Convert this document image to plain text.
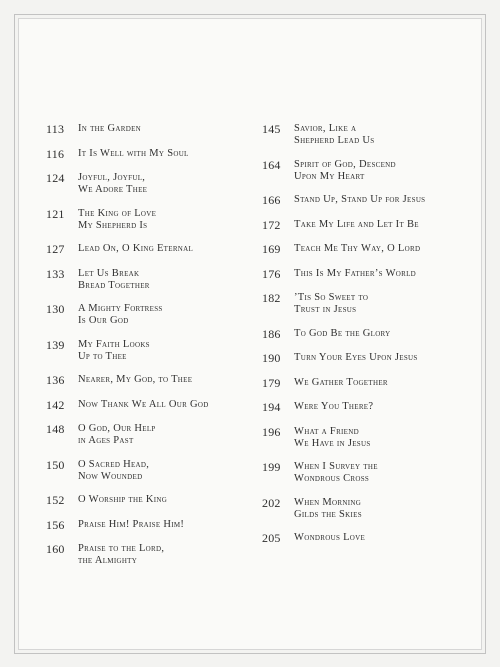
113	In the Garden
116	It Is Well with My Soul
124	Joyful, Joyful,
We Adore Thee
121	The King of Love
My Shepherd Is
127	Lead On, O King Eternal
133	Let Us Break
Bread Together
130	A Mighty Fortress
Is Our God
139	My Faith Looks
Up to Thee
136	Nearer, My God, to Thee
142	Now Thank We All Our God
148	O God, Our Help
in Ages Past
150	O Sacred Head,
Now Wounded
152	O Worship the King
156	Praise Him! Praise Him!
160	Praise to the Lord,
the Almighty
145	Savior, Like a
Shepherd Lead Us
164	Spirit of God, Descend
Upon My Heart
166	Stand Up, Stand Up for Jesus
172	Take My Life and Let It Be
169	Teach Me Thy Way, O Lord
176	This Is My Father’s World
182	’Tis So Sweet to
Trust in Jesus
186	To God Be the Glory
190	Turn Your Eyes Upon Jesus
179	We Gather Together
194	Were You There?
196	What a Friend
We Have in Jesus
199	When I Survey the
Wondrous Cross
202	When Morning
Gilds the Skies
205	Wondrous Love
